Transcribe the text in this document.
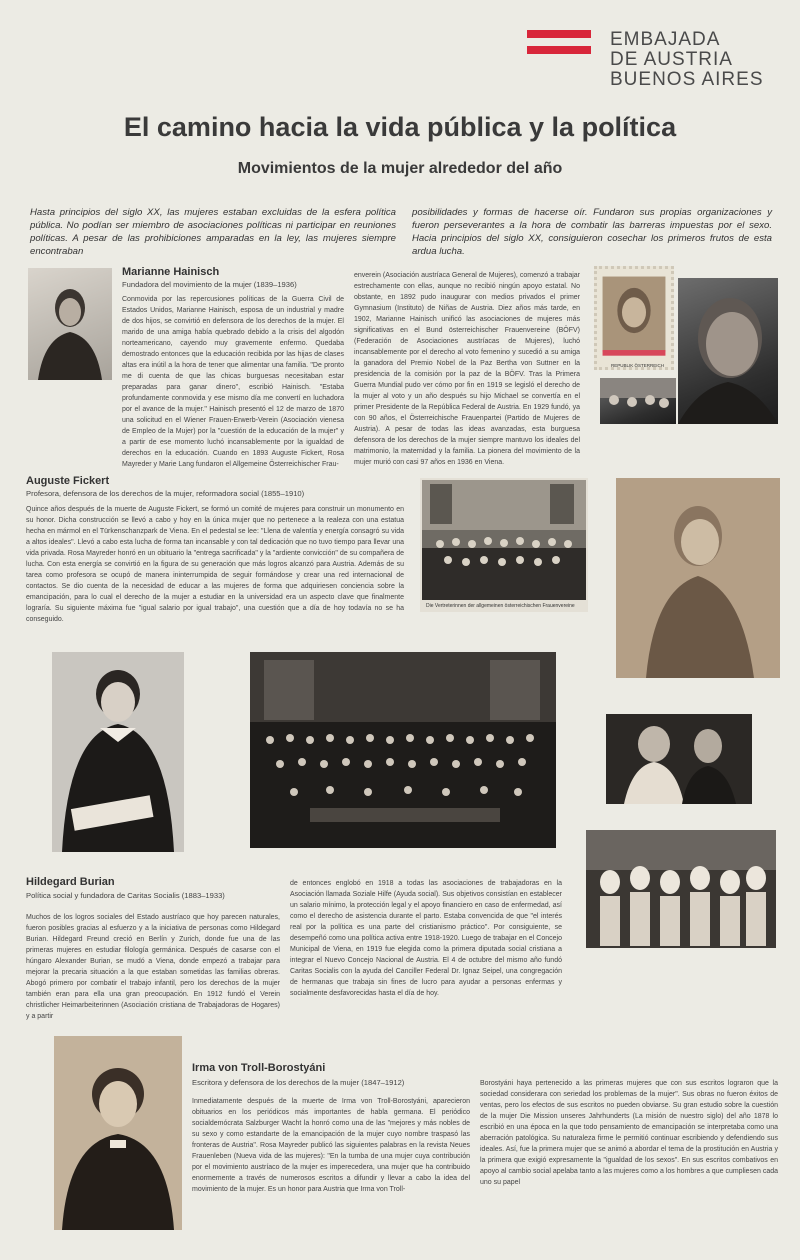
EMBAJADA
DE AUSTRIA
BUENOS AIRES
El camino hacia la vida pública y la política
Movimientos de la mujer alrededor del año
Hasta principios del siglo XX, las mujeres estaban excluidas de la esfera política pública. No podían ser miembro de asociaciones políticas ni participar en reuniones políticas. A pesar de las prohibiciones amparadas en la ley, las mujeres siempre encontraban
posibilidades y formas de hacerse oír. Fundaron sus propias organizaciones y fueron perseverantes a la hora de combatir las barreras impuestas por el sexo. Hacia principios del siglo XX, consiguieron cosechar los primeros frutos de esta ardua lucha.
Marianne Hainisch
Fundadora del movimiento de la mujer (1839–1936)
Conmovida por las repercusiones políticas de la Guerra Civil de Estados Unidos, Marianne Hainisch, esposa de un industrial y madre de dos hijos, se convirtió en defensora de los derechos de la mujer. El marido de una amiga había quebrado debido a la crisis del algodón norteamericano, cayendo muy gravemente enfermo. Quedaba demostrado entonces que la educación recibida por las hijas de clases altas era inútil a la hora de tener que alimentar una familia. "De pronto me di cuenta de que las chicas burguesas necesitaban estar preparadas para ganar dinero", escribió Hainisch. "Estaba profundamente conmovida y ese mismo día me convertí en luchadora por el avance de la mujer." Hainisch presentó el 12 de marzo de 1870 una solicitud en el Wiener Frauen-Erwerb-Verein (Asociación vienesa de Empleo de la Mujer) por la "cuestión de la educación de la mujer" y a partir de ese momento luchó incansablemente por la igualdad de derechos en la educación. Cuando en 1893 Auguste Fickert, Rosa Mayreder y Marie Lang fundaron el Allgemeine Österreichischer Frau-
enverein (Asociación austríaca General de Mujeres), comenzó a trabajar estrechamente con ellas, aunque no recibió ningún apoyo estatal. No obstante, en 1892 pudo inaugurar con medios privados el primer Gymnasium (Instituto) de Niñas de Austria. Diez años más tarde, en 1902, Marianne Hainisch unificó las asociaciones de mujeres más significativas en el Bund österreichischer Frauenvereine (BÖFV) (Federación de Asociaciones austríacas de Mujeres), luchó incansablemente por el derecho al voto femenino y sucedió a su amiga la ganadora del Premio Nobel de la Paz Bertha von Suttner en la presidencia de la comisión por la paz de la BÖFV. Tras la Primera Guerra Mundial pudo ver cómo por fin en 1919 se legisló el derecho de la mujer al voto y un año después su hijo Michael se convertía en el primer Presidente de la República Federal de Austria. En 1929 fundó, ya con 90 años, el Österreichische Frauenpartei (Partido de Mujeres de Austria). A pesar de todas las ideas avanzadas, esta burguesa defensora de los derechos de la mujer siempre mantuvo los ideales del matrimonio, la maternidad y la familia. La pionera del movimiento de la mujer murió con casi 97 años en 1936 en Viena.
REPUBLIK ÖSTERREICH
Auguste Fickert
Profesora, defensora de los derechos de la mujer, reformadora social (1855–1910)
Quince años después de la muerte de Auguste Fickert, se formó un comité de mujeres para construir un monumento en su honor. Dicha construcción se llevó a cabo y hoy en la única mujer que no pertenece a la realeza con una estatua hecha en mármol en el Türkenschanzpark de Viena. En el pedestal se lee: "Llena de valentía y energía consagró su vida a altos ideales". Llevó a cabo esta lucha de forma tan incansable y con tal dedicación que no tuvo tiempo para llevar una vida privada. Rosa Mayreder honró en un obituario la "entrega sacrificada" y la "ardiente convicción" de su compañera de lucha. Con esta energía se convirtió en la figura de su generación que más logros alcanzó para Austria. Además de su tarea como profesora se ocupó de manera ininterrumpida de seguir formándose y crear una red internacional de contactos. Se dio cuenta de la necesidad de educar a las mujeres de forma que adquiriesen conciencia sobre la emancipación, para lo cual el derecho de la mujer a estudiar en la universidad era un aspecto clave que finalmente lograría. Su siguiente máxima fue "igual salario por igual trabajo", una cuestión que a día de hoy todavía no se ha conseguido.
Die Vertreterinnen der allgemeinen österreichischen Frauenvereine
Hildegard Burian
Política social y fundadora de Caritas Socialis (1883–1933)
Muchos de los logros sociales del Estado austríaco que hoy parecen naturales, fueron posibles gracias al esfuerzo y a la iniciativa de personas como Hildegard Burian. Hildegard Freund creció en Berlín y Zurich, donde fue una de las primeras mujeres en estudiar filología germánica. Después de casarse con el húngaro Alexander Burian, se mudó a Viena, donde empezó a trabajar para mejorar la precaria situación a la que estaban sometidas las familias obreras. Abogó primero por combatir el trabajo infantil, pero los derechos de la mujer también eran para ella una gran preocupación. En 1912 fundó el Verein christlicher Heimarbeiterinnen (Asociación cristiana de Trabajadoras de Hogares) y a partir
de entonces englobó en 1918 a todas las asociaciones de trabajadoras en la Asociación llamada Soziale Hilfe (Ayuda social). Sus objetivos consistían en establecer un salario mínimo, la protección legal y el apoyo financiero en caso de enfermedad, así como el derecho de asistencia durante el parto. Estaba convencida de que "el interés real por la política es una parte del cristianismo práctico". Por consiguiente, se desempeñó como una política activa entre 1918-1920. Luego de trabajar en el Concejo Municipal de Viena, en 1919 fue elegida como la primera diputada social cristiana a integrar el Nuevo Concejo Nacional de Austria. El 4 de octubre del mismo año fundó Caritas Socialis con la ayuda del Canciller Federal Dr. Ignaz Seipel, una congregación de hermanas que trabaja sin fines de lucro para ayudar a personas enfermas y socialmente desfavorecidas hasta el día de hoy.
Irma von Troll-Borostyáni
Escritora y defensora de los derechos de la mujer (1847–1912)
Inmediatamente después de la muerte de Irma von Troll-Borostyáni, aparecieron obituarios en los periódicos más importantes de habla germana. El periódico socialdemócrata Salzburger Wacht la honró como una de las "mejores y más nobles de su sexo y como estandarte de la emancipación de la mujer cuyo nombre traspasó las fronteras de Austria". Rosa Mayreder publicó las siguientes palabras en la revista Neues Frauenleben (Nueva vida de las mujeres): "En la tumba de una mujer cuya contribución por el movimiento austríaco de la mujer es imperecedera, una mujer que ha contribuido enormemente a través de numerosos escritos a difundir y llevar a cabo la idea del movimiento de la mujer. Es un honor para Austria que Irma von Troll-
Borostyáni haya pertenecido a las primeras mujeres que con sus escritos lograron que la sociedad considerara con seriedad los problemas de la mujer". Sus obras no fueron éxitos de ventas, pero los efectos de sus escritos no pueden obviarse. Su gran estudio sobre la cuestión de la mujer Die Mission unseres Jahrhunderts (La misión de nuestro siglo) del año 1878 lo escribió en una época en la que todo pensamiento de emancipación se interpretaba como una aberración patológica. Su naturaleza firme le permitió continuar escribiendo y defendiendo sus ideales. Así, fue la primera mujer que se animó a abordar el tema de la prostitución en Austria y la primera que exigió expresamente la "igualdad de los sexos". En sus escritos combativos en apoyo al cambio social apelaba tanto a las mujeres como a los hombres a que cumpliesen cada uno su papel
